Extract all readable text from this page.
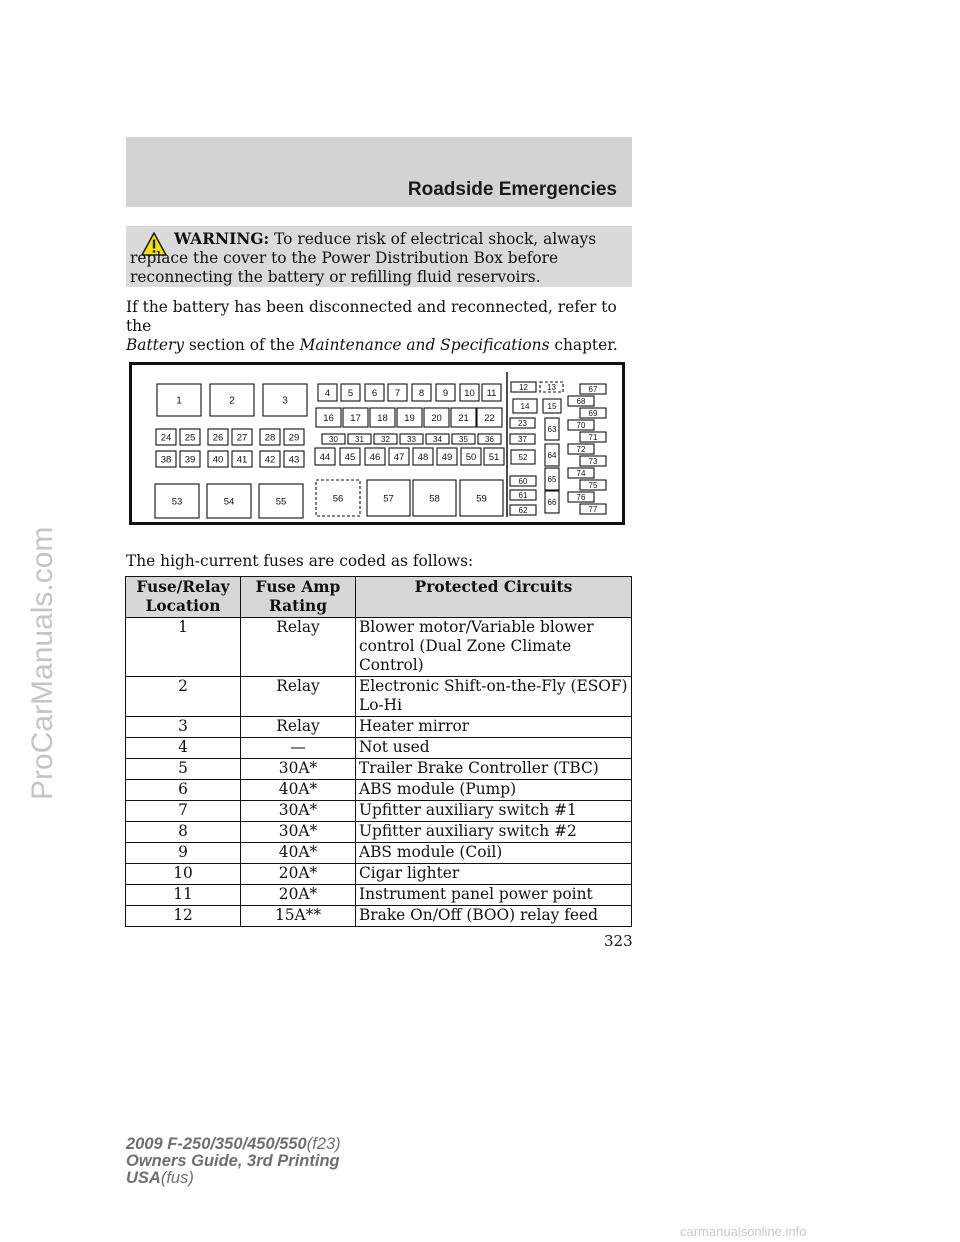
ProCarManuals.com
Roadside Emergencies
WARNING: To reduce risk of electrical shock, always replace the cover to the Power Distribution Box before reconnecting the battery or refilling fluid reservoirs.
If the battery has been disconnected and reconnected, refer to the
Battery section of the Maintenance and Specifications chapter.
1	2	3
4 5 6 7 8 9 10 11
12 13
14 15
16 17 18 19 20 21 22	23
24 25 26 27 28 29	30 31 32 33 34 35 36	37
38 39 40 41 42 43 44 45 46 47 48 49 50 51 52
53	54	55	56	57	58	59
60
61
62
63
64
65
66
67
68
69
70
71
72
73
74
75
76
77
The high-current fuses are coded as follows:
Fuse/Relay Location	Fuse Amp Rating	Protected Circuits
1	Relay	Blower motor/Variable blower control (Dual Zone Climate Control)
2	Relay	Electronic Shift-on-the-Fly (ESOF) Lo-Hi
3	Relay	Heater mirror
4	—	Not used
5	30A*	Trailer Brake Controller (TBC)
6	40A*	ABS module (Pump)
7	30A*	Upfitter auxiliary switch #1
8	30A*	Upfitter auxiliary switch #2
9	40A*	ABS module (Coil)
10	20A*	Cigar lighter
11	20A*	Instrument panel power point
12	15A**	Brake On/Off (BOO) relay feed
323
2009 F-250/350/450/550(f23)
Owners Guide, 3rd Printing
USA(fus)
carmanualsonline.info
